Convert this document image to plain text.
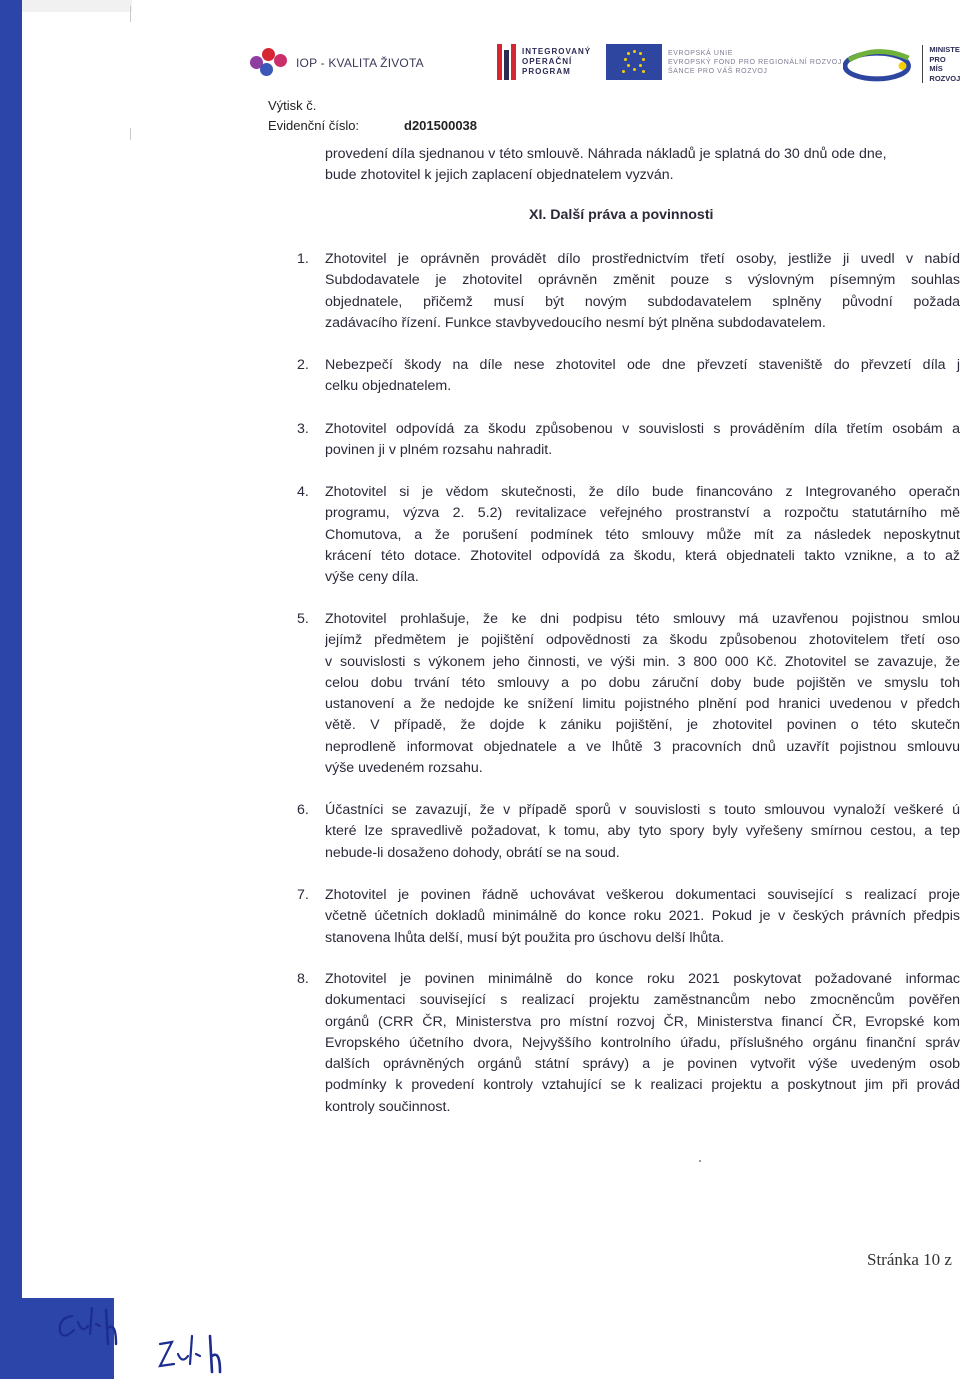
IOP - KVALITA ŽIVOTA
INTEGROVANÝ
OPERAČNÍ
PROGRAM
EVROPSKÁ UNIE
EVROPSKÝ FOND PRO REGIONÁLNÍ ROZVOJ
ŠANCE PRO VÁŠ ROZVOJ
MINISTE
PRO MÍS
ROZVOJ
Výtisk č.
Evidenční číslo:	d201500038
provedení díla sjednanou v této smlouvě. Náhrada nákladů je splatná do 30 dnů ode dne,
bude zhotovitel k jejich zaplacení objednatelem vyzván.
XI. Další práva a povinnosti
1. Zhotovitel je oprávněn provádět dílo prostřednictvím třetí osoby, jestliže ji uvedl v nabíd
Subdodavatele je zhotovitel oprávněn změnit pouze s výslovným písemným souhlas
objednatele, přičemž musí být novým subdodavatelem splněny původní požada
zadávacího řízení. Funkce stavbyvedoucího nesmí být plněna subdodavatelem.
2. Nebezpečí škody na díle nese zhotovitel ode dne převzetí staveniště do převzetí díla j
celku objednatelem.
3. Zhotovitel odpovídá za škodu způsobenou v souvislosti s prováděním díla třetím osobám a
povinen ji v plném rozsahu nahradit.
4. Zhotovitel si je vědom skutečnosti, že dílo bude financováno z Integrovaného operačn
programu, výzva 2. 5.2) revitalizace veřejného prostranství a rozpočtu statutárního mě
Chomutova, a že porušení podmínek této smlouvy může mít za následek neposkytnut
krácení této dotace. Zhotovitel odpovídá za škodu, která objednateli takto vznikne, a to až
výše ceny díla.
5. Zhotovitel prohlašuje, že ke dni podpisu této smlouvy má uzavřenou pojistnou smlou
jejímž předmětem je pojištění odpovědnosti za škodu způsobenou zhotovitelem třetí oso
v souvislosti s výkonem jeho činnosti, ve výši min. 3 800 000 Kč. Zhotovitel se zavazuje, že
celou dobu trvání této smlouvy a po dobu záruční doby bude pojištěn ve smyslu toh
ustanovení a že nedojde ke snížení limitu pojistného plnění pod hranici uvedenou v předch
větě. V případě, že dojde k zániku pojištění, je zhotovitel povinen o této skutečn
neprodleně informovat objednatele a ve lhůtě 3 pracovních dnů uzavřít pojistnou smlouvu
výše uvedeném rozsahu.
6. Účastníci se zavazují, že v případě sporů v souvislosti s touto smlouvou vynaloží veškeré ú
které lze spravedlivě požadovat, k tomu, aby tyto spory byly vyřešeny smírnou cestou, a tep
nebude-li dosaženo dohody, obrátí se na soud.
7. Zhotovitel je povinen řádně uchovávat veškerou dokumentaci související s realizací proje
včetně účetních dokladů minimálně do konce roku 2021. Pokud je v českých právních předpis
stanovena lhůta delší, musí být použita pro úschovu delší lhůta.
8. Zhotovitel je povinen minimálně do konce roku 2021 poskytovat požadované informac
dokumentaci související s realizací projektu zaměstnancům nebo zmocněncům pověřen
orgánů (CRR ČR, Ministerstva pro místní rozvoj ČR, Ministerstva financí ČR, Evropské kom
Evropského účetního dvora, Nejvyššího kontrolního úřadu, příslušného orgánu finanční správ
dalších oprávněných orgánů státní správy) a je povinen vytvořit výše uvedeným osob
podmínky k provedení kontroly vztahující se k realizaci projektu a poskytnout jim při provád
kontroly součinnost.
Stránka 10 z
